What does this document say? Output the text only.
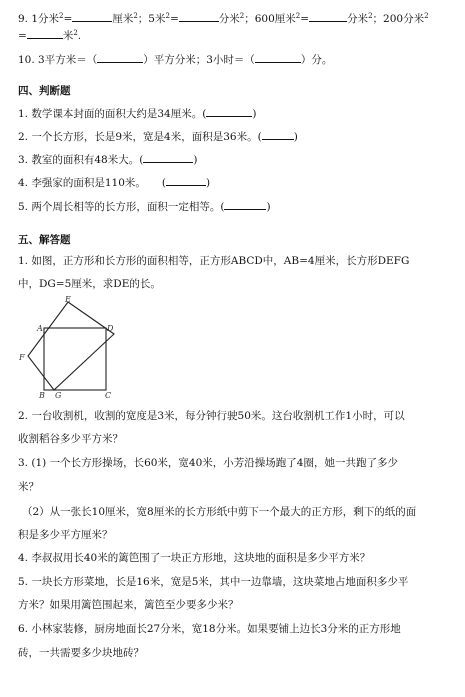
9. 1分米$^2$=	厘米$^2$；5米$^2$=	分米$^2$；600厘米$^2$=	分米$^2$；200分米$^2$
=	米$^2$.
10. 3平方米＝（	）平方分米；3小时＝（	）分。
四、判断题
1. 数学课本封面的面积大约是34厘米。(	)
2. 一个长方形，长是9米，宽是4米，面积是36米。(	)
3. 教室的面积有48米大。(	)
4. 李强家的面积是110米。 (	)
5. 两个周长相等的长方形，面积一定相等。(	)
五、解答题
1. 如图，正方形和长方形的面积相等，正方形ABCD中，AB=4厘米，长方形DEFG
中，DG=5厘米，求DE的长。
E
A	D
F
B G	C
2. 一台收割机，收割的宽度是3米，每分钟行驶50米。这台收割机工作1小时，可以
收割稻谷多少平方米？
3. (1) 一个长方形操场，长60米，宽40米，小芳沿操场跑了4圈，她一共跑了多少
米？
（2）从一张长10厘米，宽8厘米的长方形纸中剪下一个最大的正方形，剩下的纸的面
积是多少平方厘米？
4. 李叔叔用长40米的篱笆围了一块正方形地，这块地的面积是多少平方米？
5. 一块长方形菜地，长是16米，宽是5米，其中一边靠墙，这块菜地占地面积多少平
方米？如果用篱笆围起来，篱笆至少要多少米？
6. 小林家装修，厨房地面长27分米，宽18分米。如果要铺上边长3分米的正方形地
砖，一共需要多少块地砖？
